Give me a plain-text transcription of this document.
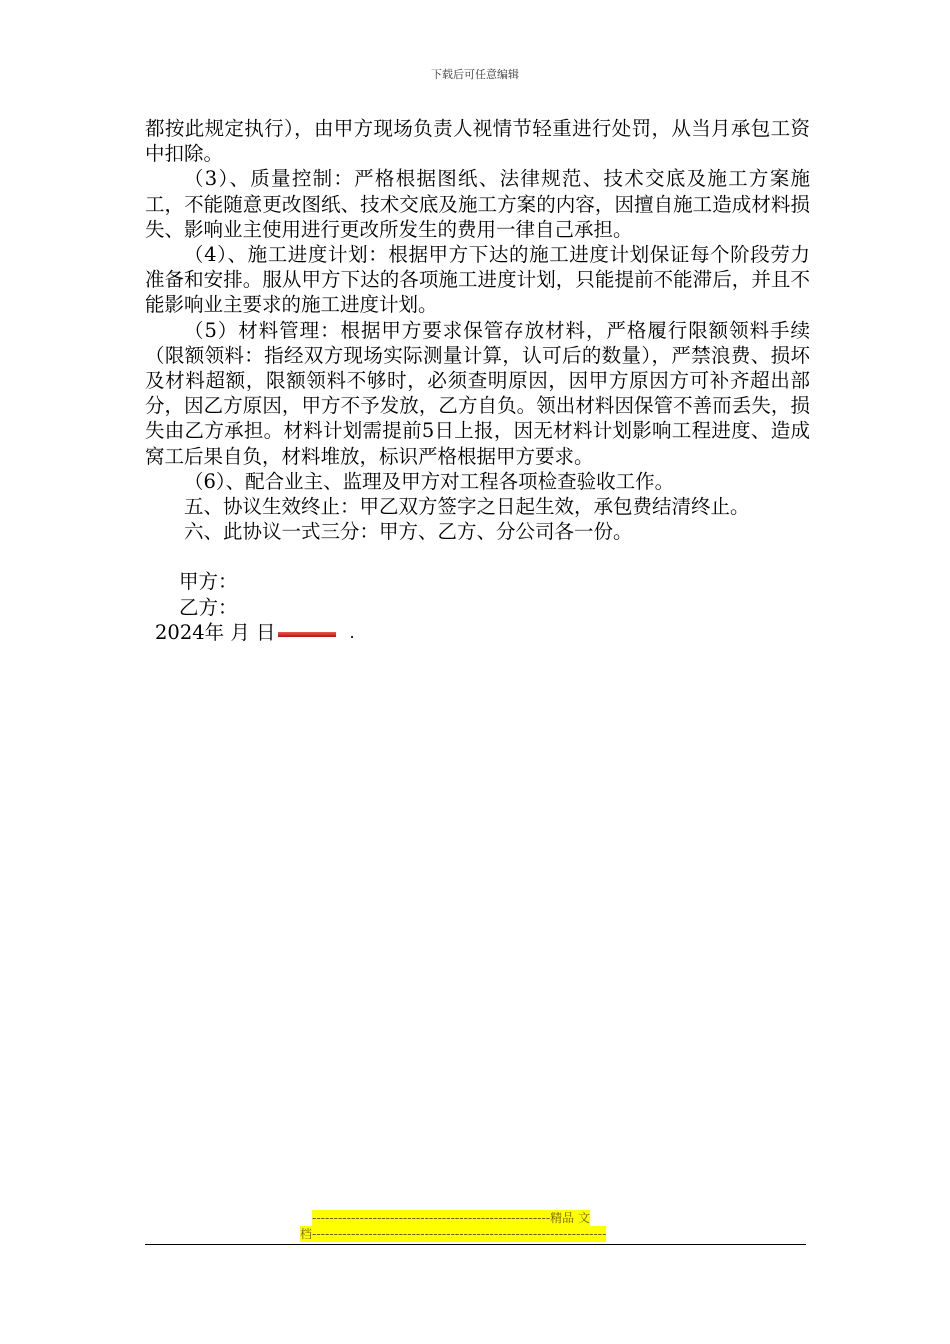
下载后可任意编辑

都按此规定执行），由甲方现场负责人视情节轻重进行处罚，从当月承包工资中扣除。

（3）、质量控制：严格根据图纸、法律规范、技术交底及施工方案施工，不能随意更改图纸、技术交底及施工方案的内容，因擅自施工造成材料损失、影响业主使用进行更改所发生的费用一律自己承担。

（4）、施工进度计划：根据甲方下达的施工进度计划保证每个阶段劳力准备和安排。服从甲方下达的各项施工进度计划，只能提前不能滞后，并且不能影响业主要求的施工进度计划。

（5）材料管理：根据甲方要求保管存放材料，严格履行限额领料手续（限额领料：指经双方现场实际测量计算，认可后的数量），严禁浪费、损坏及材料超额，限额领料不够时，必须查明原因，因甲方原因方可补齐超出部分，因乙方原因，甲方不予发放，乙方自负。领出材料因保管不善而丢失，损失由乙方承担。材料计划需提前5日上报，因无材料计划影响工程进度、造成窝工后果自负，材料堆放，标识严格根据甲方要求。

（6）、配合业主、监理及甲方对工程各项检查验收工作。

五、协议生效终止：甲乙双方签字之日起生效，承包费结清终止。

六、此协议一式三分：甲方、乙方、分公司各一份。

甲方：

乙方：

2024年 月 日	.

-------------------------------------------------------精品 文
档--------------------------------------------------------------------
